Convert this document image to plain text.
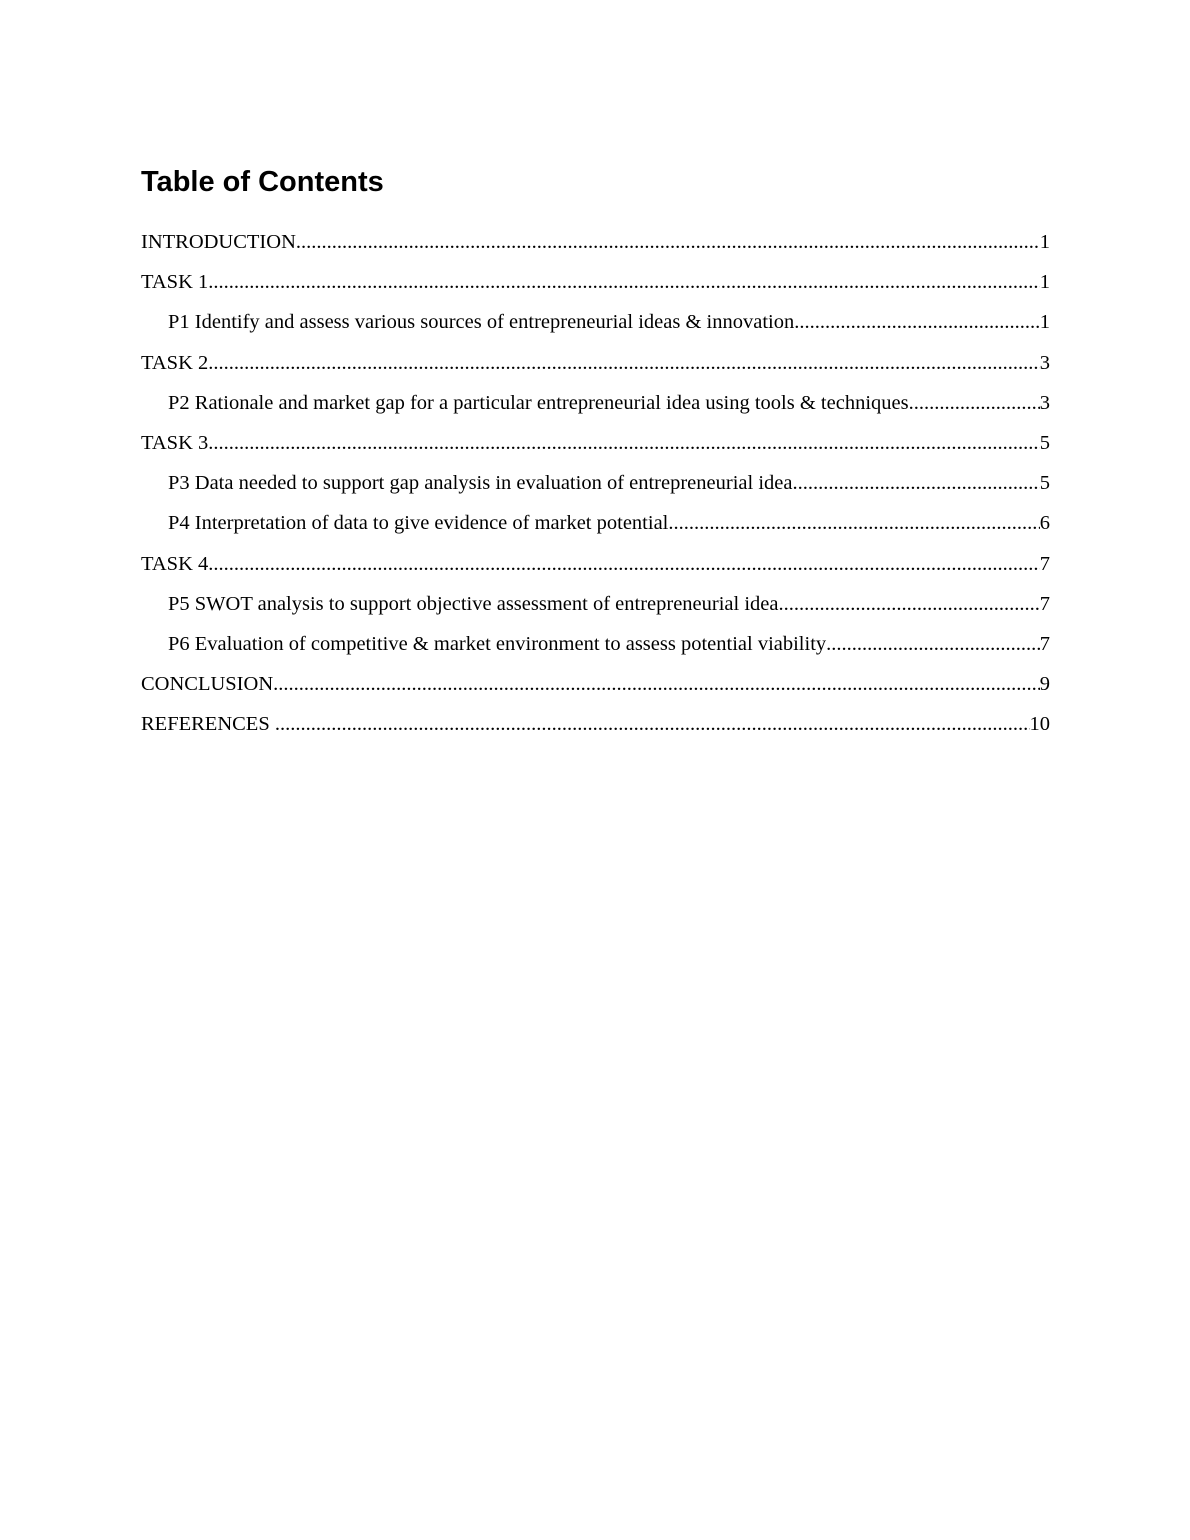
Table of Contents
INTRODUCTION .....	1
TASK 1 .....	1
P1 Identify and assess various sources of entrepreneurial ideas & innovation .....	1
TASK 2 .....	3
P2 Rationale and market gap for a particular entrepreneurial idea using tools & techniques .....	3
TASK 3 .....	5
P3 Data needed to support gap analysis in evaluation of entrepreneurial idea .....	5
P4 Interpretation of data to give evidence of market potential .....	6
TASK 4 .....	7
P5 SWOT analysis to support objective assessment of entrepreneurial idea .....	7
P6 Evaluation of competitive & market environment to assess potential viability .....	7
CONCLUSION .....	9
REFERENCES .....	10
